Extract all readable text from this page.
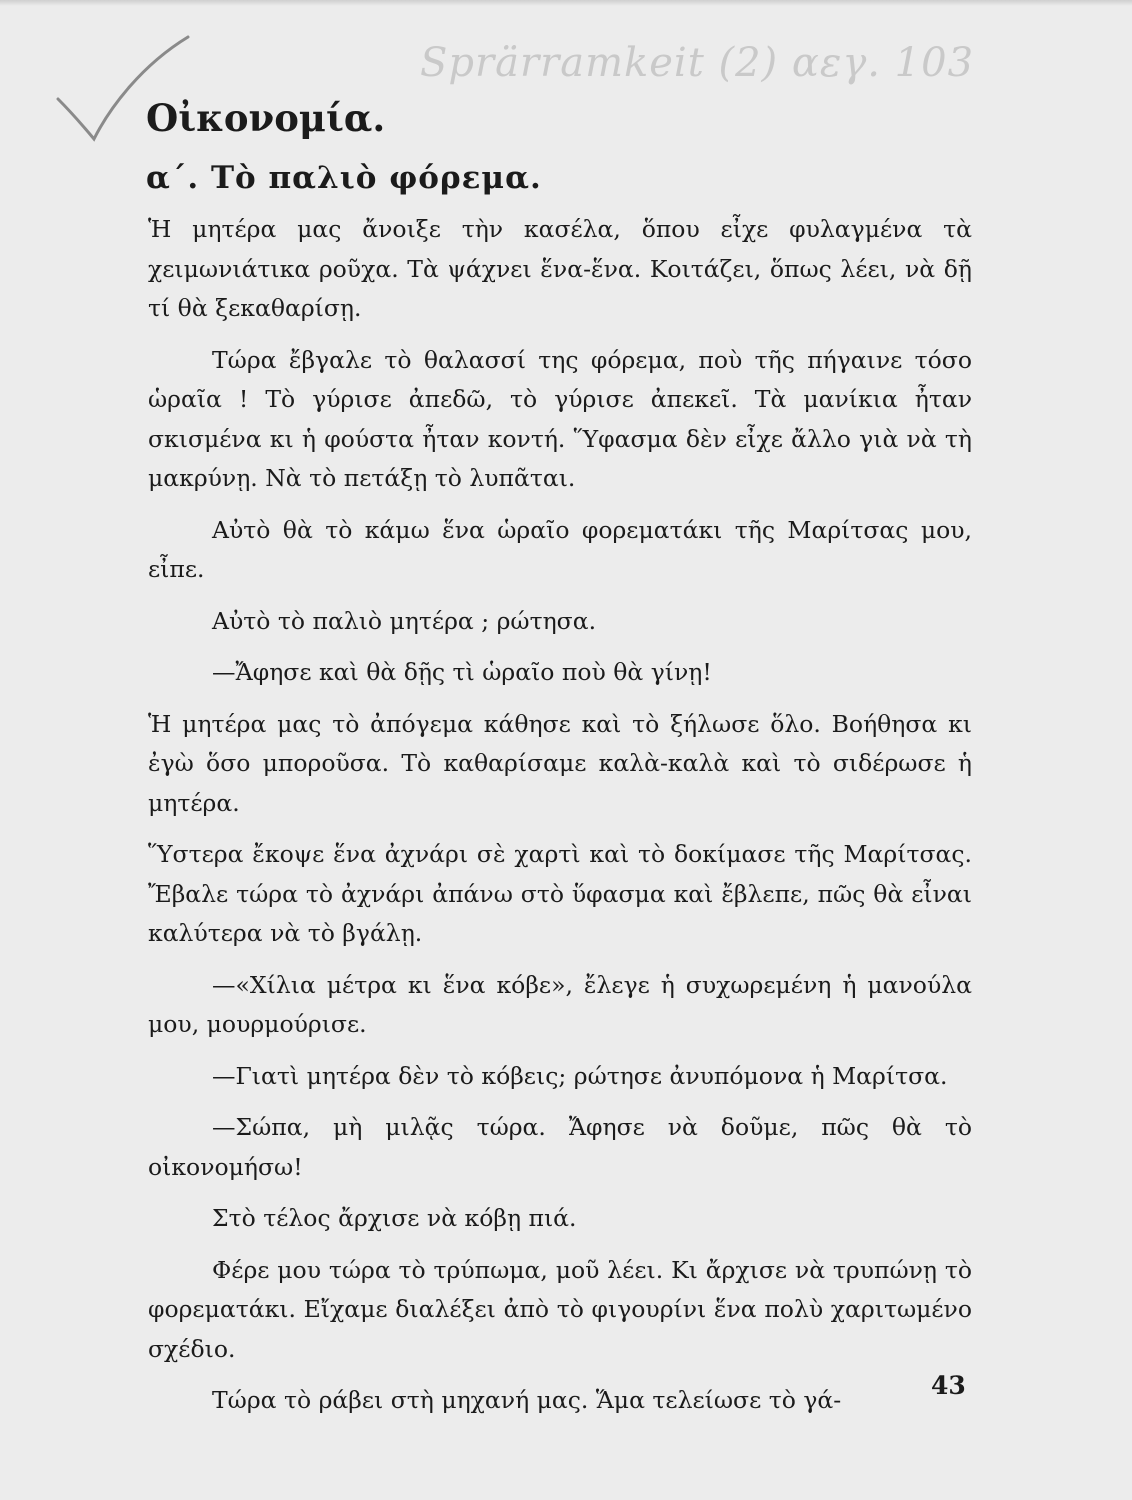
Sprärramkeit (2) αεγ. 103
Οἰκονομία.
α΄. Τὸ παλιὸ φόρεμα.

Ἡ μητέρα μας ἄνοιξε τὴν κασέλα, ὅπου εἶχε φυλαγμένα τὰ χειμωνιάτικα ροῦχα. Τὰ ψάχνει ἕνα-ἕνα. Κοιτάζει, ὅπως λέει, νὰ δῇ τί θὰ ξεκαθαρίσῃ.

Τώρα ἔβγαλε τὸ θαλασσί της φόρεμα, ποὺ τῆς πήγαινε τόσο ὡραῖα ! Τὸ γύρισε ἀπεδῶ, τὸ γύρισε ἀπεκεῖ. Τὰ μανίκια ἦταν σκισμένα κι ἡ φούστα ἦταν κοντή. Ὕφασμα δὲν εἶχε ἄλλο γιὰ νὰ τὴ μακρύνῃ. Νὰ τὸ πετάξῃ τὸ λυπᾶται.

Αὐτὸ θὰ τὸ κάμω ἕνα ὡραῖο φορεματάκι τῆς Μαρίτσας μου, εἶπε.

Αὐτὸ τὸ παλιὸ μητέρα ; ρώτησα.

—Ἄφησε καὶ θὰ δῇς τὶ ὡραῖο ποὺ θὰ γίνῃ!

Ἡ μητέρα μας τὸ ἀπόγεμα κάθησε καὶ τὸ ξήλωσε ὅλο. Βοήθησα κι ἐγὼ ὅσο μποροῦσα. Τὸ καθαρίσαμε καλὰ-καλὰ καὶ τὸ σιδέρωσε ἡ μητέρα.

Ὕστερα ἔκοψε ἕνα ἀχνάρι σὲ χαρτὶ καὶ τὸ δοκίμασε τῆς Μαρίτσας. Ἔβαλε τώρα τὸ ἀχνάρι ἀπάνω στὸ ὕφασμα καὶ ἔβλεπε, πῶς θὰ εἶναι καλύτερα νὰ τὸ βγάλῃ.

—«Χίλια μέτρα κι ἕνα κόβε», ἔλεγε ἡ συχωρεμένη ἡ μανούλα μου, μουρμούρισε.

—Γιατὶ μητέρα δὲν τὸ κόβεις; ρώτησε ἀνυπόμονα ἡ Μαρίτσα.

—Σώπα, μὴ μιλᾷς τώρα. Ἄφησε νὰ δοῦμε, πῶς θὰ τὸ οἰκονομήσω!

Στὸ τέλος ἄρχισε νὰ κόβῃ πιά.

Φέρε μου τώρα τὸ τρύπωμα, μοῦ λέει. Κι ἄρχισε νὰ τρυπώνῃ τὸ φορεματάκι. Εἴχαμε διαλέξει ἀπὸ τὸ φιγουρίνι ἕνα πολὺ χαριτωμένο σχέδιο.

Τώρα τὸ ράβει στὴ μηχανή μας. Ἅμα τελείωσε τὸ γά-	43
